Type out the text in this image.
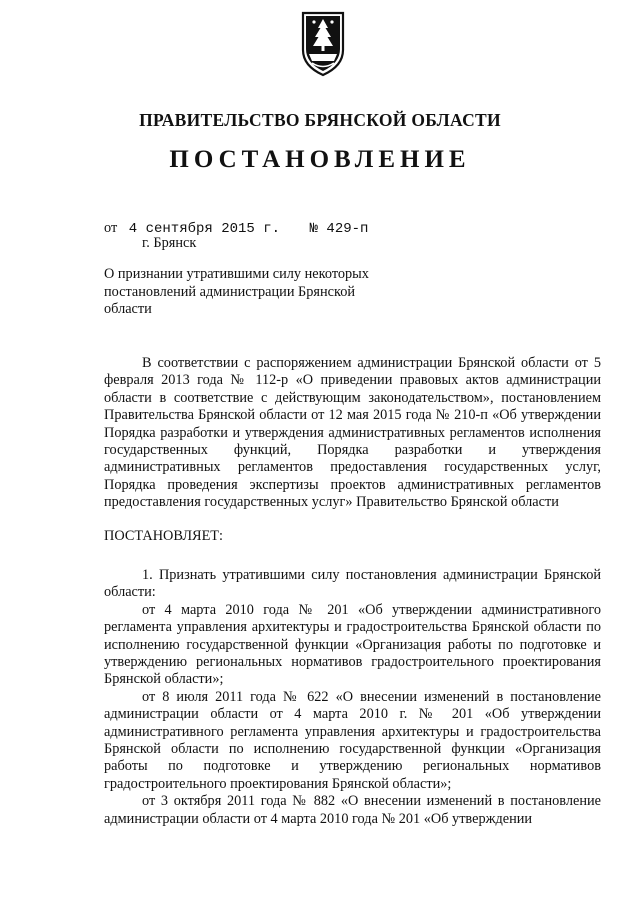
ПРАВИТЕЛЬСТВО БРЯНСКОЙ ОБЛАСТИ
ПОСТАНОВЛЕНИЕ
от 4 сентября 2015 г. № 429-п
г. Брянск
О признании утратившими силу некоторых
постановлений администрации Брянской
области

В соответствии с распоряжением администрации Брянской области от 5 февраля 2013 года № 112-р «О приведении правовых актов администрации области в соответствие с действующим законодательством», постановлением Правительства Брянской области от 12 мая 2015 года № 210-п «Об утверждении Порядка разработки и утверждения административных регламентов исполнения государственных функций, Порядка разработки и утверждения административных регламентов предоставления государственных услуг, Порядка проведения экспертизы проектов административных регламентов предоставления государственных услуг» Правительство Брянской области

ПОСТАНОВЛЯЕТ:

1. Признать утратившими силу постановления администрации Брянской области:

от 4 марта 2010 года № 201 «Об утверждении административного регламента управления архитектуры и градостроительства Брянской области по исполнению государственной функции «Организация работы по подготовке и утверждению региональных нормативов градостроительного проектирования Брянской области»;

от 8 июля 2011 года № 622 «О внесении изменений в постановление администрации области от 4 марта 2010 г. № 201 «Об утверждении административного регламента управления архитектуры и градостроительства Брянской области по исполнению государственной функции «Организация работы по подготовке и утверждению региональных нормативов градостроительного проектирования Брянской области»;

от 3 октября 2011 года № 882 «О внесении изменений в постановление администрации области от 4 марта 2010 года № 201 «Об утверждении
